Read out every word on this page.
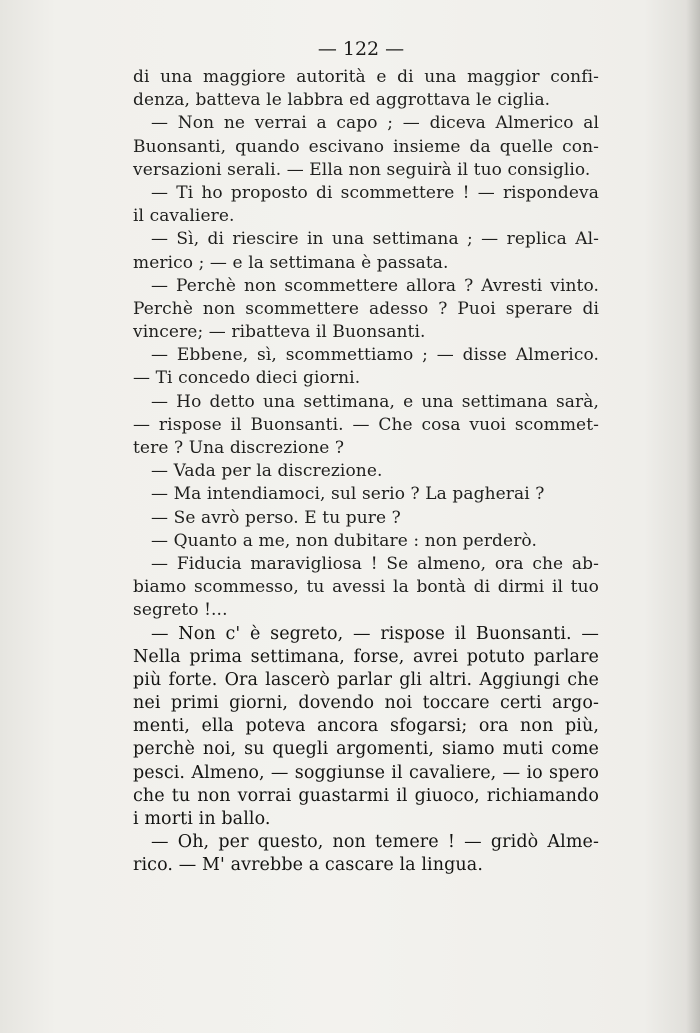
— 122 —
di una maggiore autorità e di una maggior confi-
denza, batteva le labbra ed aggrottava le ciglia.
— Non ne verrai a capo ; — diceva Almerico al
Buonsanti, quando escivano insieme da quelle con-
versazioni serali. — Ella non seguirà il tuo consiglio.
— Ti ho proposto di scommettere ! — rispondeva
il cavaliere.
— Sì, di riescire in una settimana ; — replica Al-
merico ; — e la settimana è passata.
— Perchè non scommettere allora ? Avresti vinto.
Perchè non scommettere adesso ? Puoi sperare di
vincere; — ribatteva il Buonsanti.
— Ebbene, sì, scommettiamo ; — disse Almerico.
— Ti concedo dieci giorni.
— Ho detto una settimana, e una settimana sarà,
— rispose il Buonsanti. — Che cosa vuoi scommet-
tere ? Una discrezione ?
— Vada per la discrezione.
— Ma intendiamoci, sul serio ? La pagherai ?
— Se avrò perso. E tu pure ?
— Quanto a me, non dubitare : non perderò.
— Fiducia maravigliosa ! Se almeno, ora che ab-
biamo scommesso, tu avessi la bontà di dirmi il tuo
segreto !...
— Non c' è segreto, — rispose il Buonsanti. —
Nella prima settimana, forse, avrei potuto parlare
più forte. Ora lascerò parlar gli altri. Aggiungi che
nei primi giorni, dovendo noi toccare certi argo-
menti, ella poteva ancora sfogarsi; ora non più,
perchè noi, su quegli argomenti, siamo muti come
pesci. Almeno, — soggiunse il cavaliere, — io spero
che tu non vorrai guastarmi il giuoco, richiamando
i morti in ballo.
— Oh, per questo, non temere ! — gridò Alme-
rico. — M' avrebbe a cascare la lingua.
